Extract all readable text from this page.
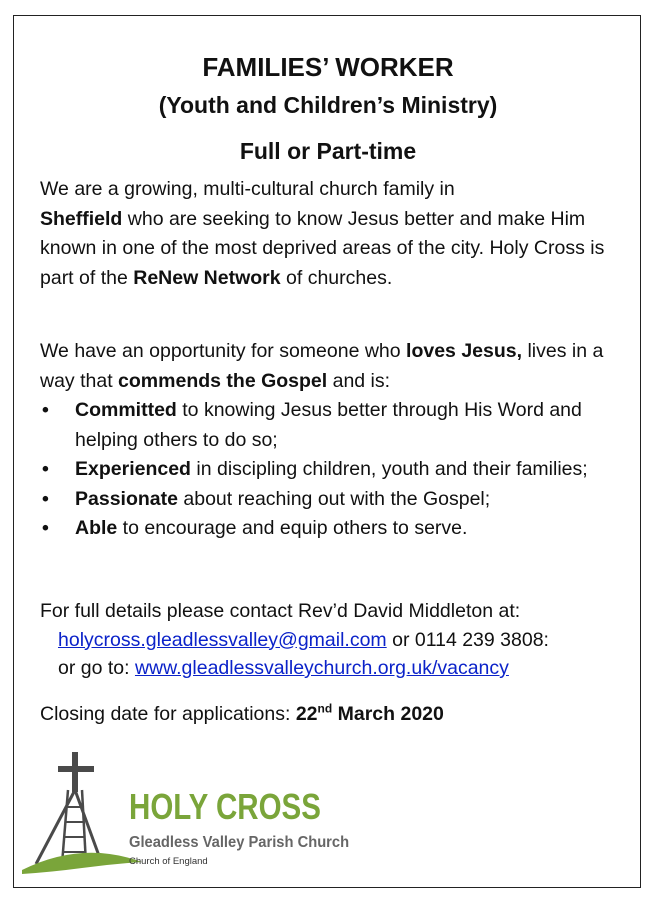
FAMILIES’ WORKER
(Youth and Children’s Ministry)
Full or Part-time
We are a growing, multi-cultural church family in
Sheffield who are seeking to know Jesus better and make Him known in one of the most deprived areas of the city. Holy Cross is part of the ReNew Network of churches.
We have an opportunity for someone who loves Jesus, lives in a way that commends the Gospel and is:
• Committed to knowing Jesus better through His Word and helping others to do so;
• Experienced in discipling children, youth and their families;
• Passionate about reaching out with the Gospel;
• Able to encourage and equip others to serve.
For full details please contact Rev’d David Middleton at:
holycross.gleadlessvalley@gmail.com or 0114 239 3808:
or go to: www.gleadlessvalleychurch.org.uk/vacancy
Closing date for applications: 22nd March 2020
HOLY CROSS
Gleadless Valley Parish Church
Church of England
